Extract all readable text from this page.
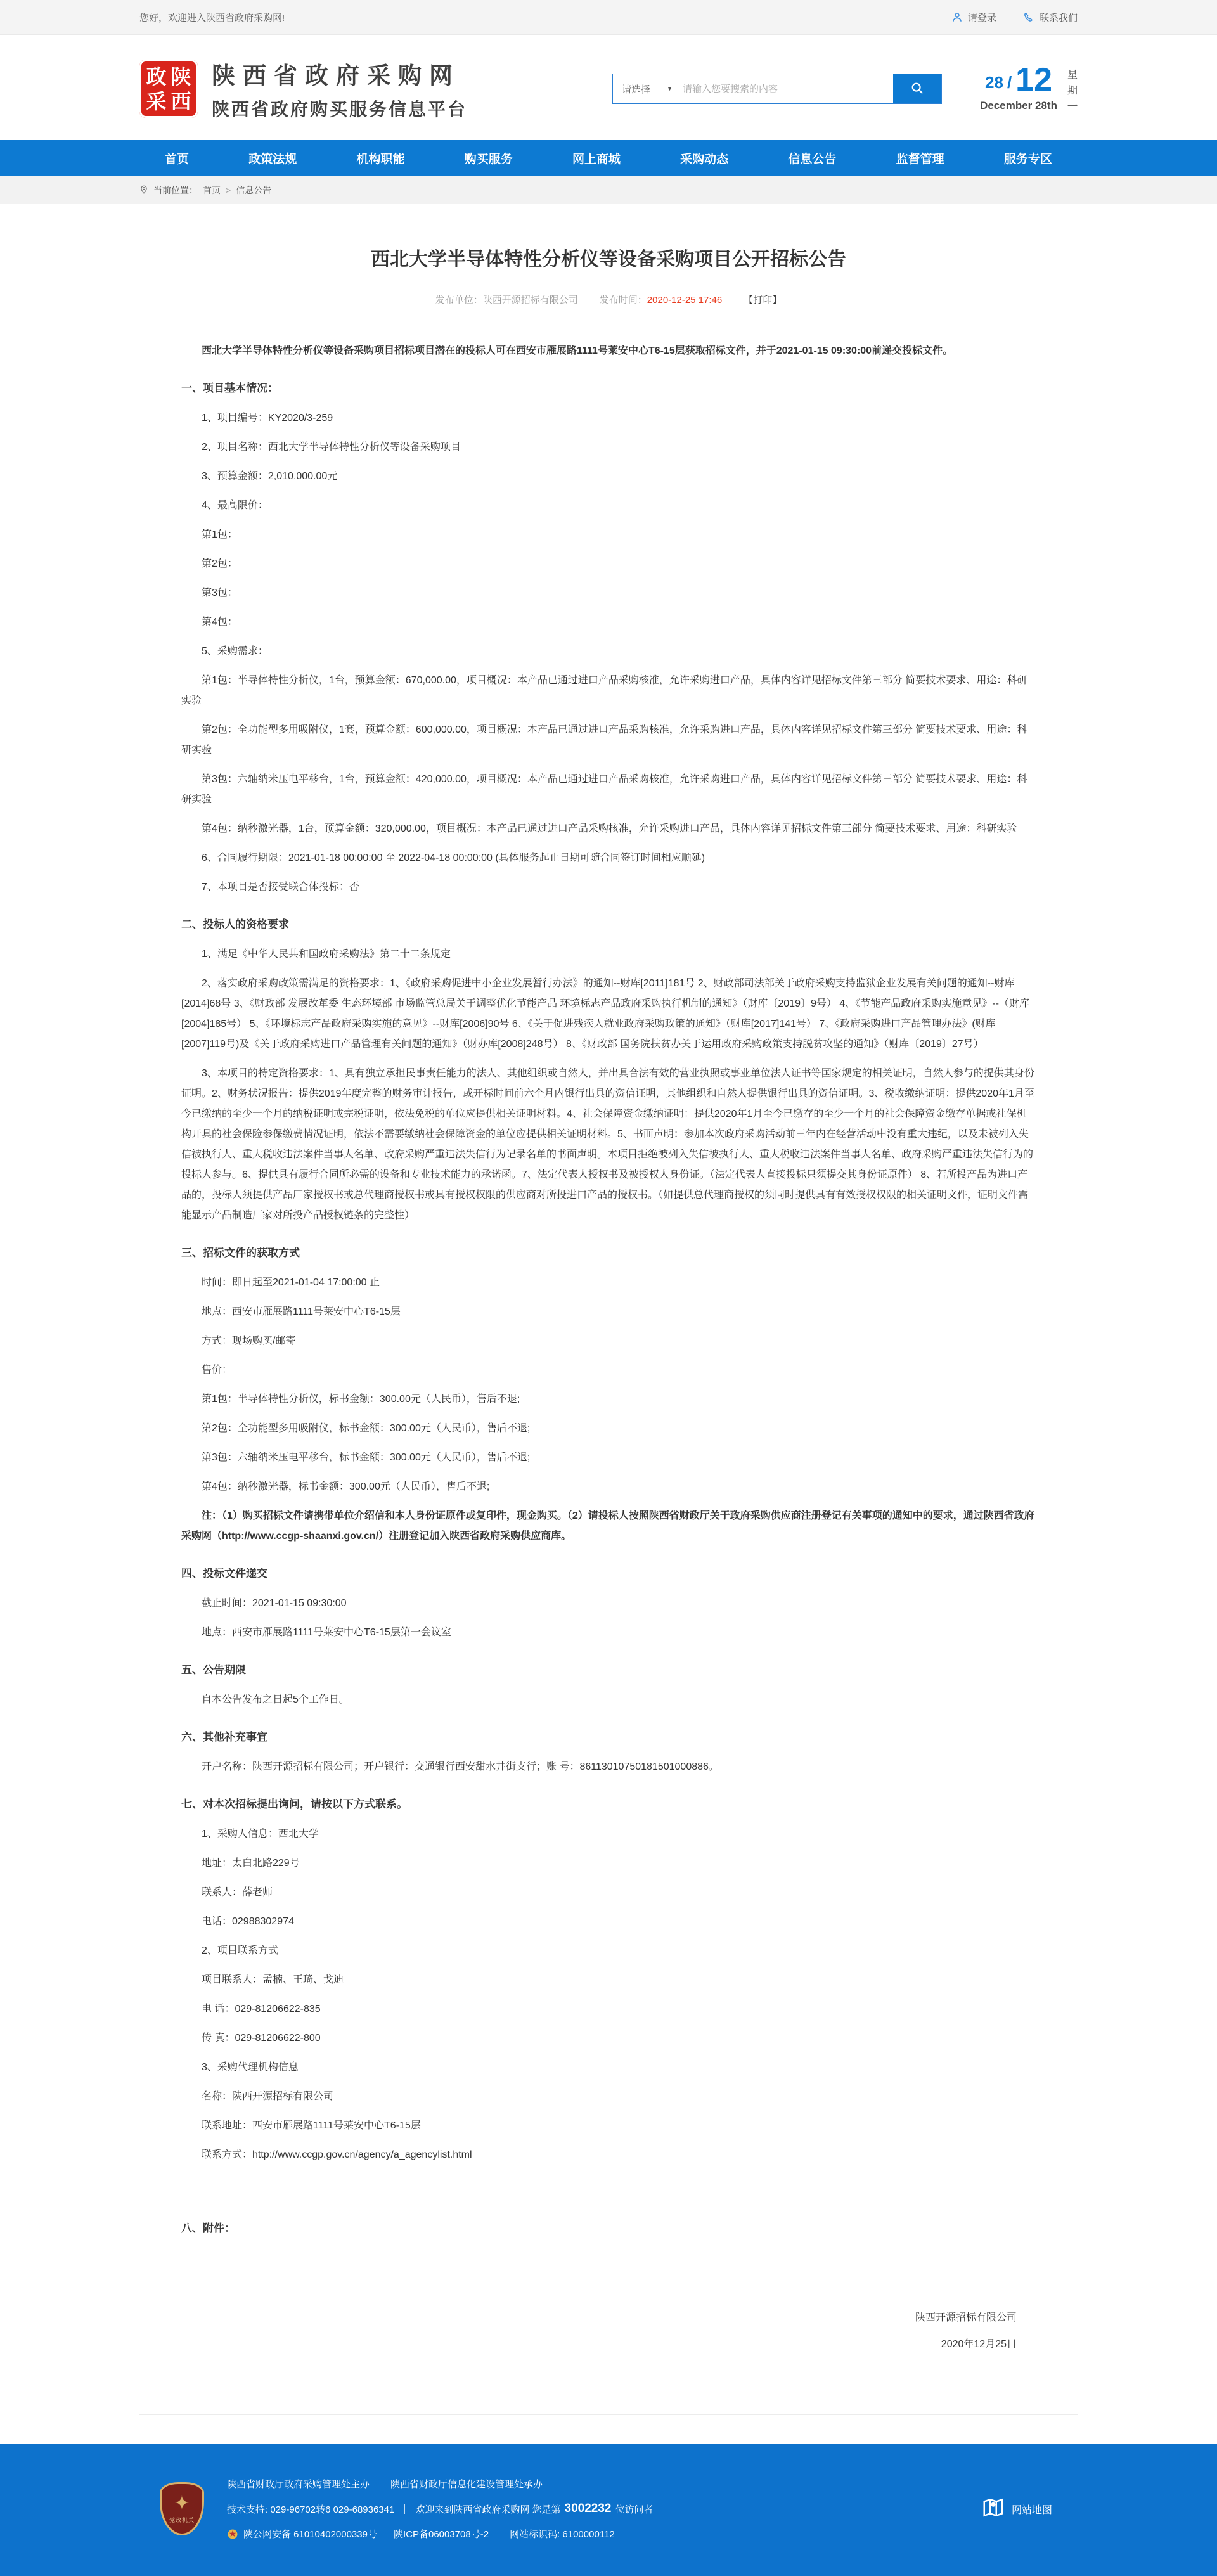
您好，欢迎进入陕西省政府采购网!	请登录	联系我们
政 陕
采 西
陕西省政府采购网
陕西省政府购买服务信息平台
请选择	▼
请输入您要搜索的内容	28 / 12
December 28th
星
期
一
首页	政策法规	机构职能	购买服务	网上商城	采购动态	信息公告	监督管理	服务专区
当前位置： 首页 > 信息公告
西北大学半导体特性分析仪等设备采购项目公开招标公告
发布单位：陕西开源招标有限公司 发布时间：2020-12-25 17:46 【打印】

西北大学半导体特性分析仪等设备采购项目招标项目潜在的投标人可在西安市雁展路1111号莱安中心T6-15层获取招标文件，并于2021-01-15 09:30:00前递交投标文件。

一、项目基本情况：

1、项目编号：KY2020/3-259

2、项目名称：西北大学半导体特性分析仪等设备采购项目

3、预算金额：2,010,000.00元

4、最高限价：

第1包：

第2包：

第3包：

第4包：

5、采购需求：

第1包：半导体特性分析仪，1台，预算金额：670,000.00，项目概况：本产品已通过进口产品采购核准，允许采购进口产品，具体内容详见招标文件第三部分 简要技术要求、用途：科研实验

第2包：全功能型多用吸附仪，1套，预算金额：600,000.00，项目概况：本产品已通过进口产品采购核准，允许采购进口产品，具体内容详见招标文件第三部分 简要技术要求、用途：科研实验

第3包：六轴纳米压电平移台，1台，预算金额：420,000.00，项目概况：本产品已通过进口产品采购核准，允许采购进口产品，具体内容详见招标文件第三部分 简要技术要求、用途：科研实验

第4包：纳秒激光器，1台，预算金额：320,000.00，项目概况：本产品已通过进口产品采购核准，允许采购进口产品，具体内容详见招标文件第三部分 简要技术要求、用途：科研实验

6、合同履行期限：2021-01-18 00:00:00 至 2022-04-18 00:00:00 (具体服务起止日期可随合同签订时间相应顺延)

7、本项目是否接受联合体投标：否

二、投标人的资格要求

1、满足《中华人民共和国政府采购法》第二十二条规定

2、落实政府采购政策需满足的资格要求：1、《政府采购促进中小企业发展暂行办法》的通知--财库[2011]181号 2、财政部司法部关于政府采购支持监狱企业发展有关问题的通知--财库[2014]68号 3、《财政部 发展改革委 生态环境部 市场监管总局关于调整优化节能产品 环境标志产品政府采购执行机制的通知》（财库〔2019〕9号） 4、《节能产品政府采购实施意见》--（财库[2004]185号） 5、《环境标志产品政府采购实施的意见》--财库[2006]90号 6、《关于促进残疾人就业政府采购政策的通知》（财库[2017]141号） 7、《政府采购进口产品管理办法》(财库[2007]119号)及《关于政府采购进口产品管理有关问题的通知》（财办库[2008]248号） 8、《财政部 国务院扶贫办关于运用政府采购政策支持脱贫攻坚的通知》（财库〔2019〕27号）

3、本项目的特定资格要求：1、具有独立承担民事责任能力的法人、其他组织或自然人，并出具合法有效的营业执照或事业单位法人证书等国家规定的相关证明，自然人参与的提供其身份证明。2、财务状况报告：提供2019年度完整的财务审计报告，或开标时间前六个月内银行出具的资信证明，其他组织和自然人提供银行出具的资信证明。3、税收缴纳证明：提供2020年1月至今已缴纳的至少一个月的纳税证明或完税证明，依法免税的单位应提供相关证明材料。4、社会保障资金缴纳证明：提供2020年1月至今已缴存的至少一个月的社会保障资金缴存单据或社保机构开具的社会保险参保缴费情况证明，依法不需要缴纳社会保障资金的单位应提供相关证明材料。5、书面声明：参加本次政府采购活动前三年内在经营活动中没有重大违纪，以及未被列入失信被执行人、重大税收违法案件当事人名单、政府采购严重违法失信行为记录名单的书面声明。本项目拒绝被列入失信被执行人、重大税收违法案件当事人名单、政府采购严重违法失信行为的投标人参与。6、提供具有履行合同所必需的设备和专业技术能力的承诺函。7、法定代表人授权书及被授权人身份证。（法定代表人直接投标只须提交其身份证原件） 8、若所投产品为进口产品的，投标人须提供产品厂家授权书或总代理商授权书或具有授权权限的供应商对所投进口产品的授权书。（如提供总代理商授权的须同时提供具有有效授权权限的相关证明文件，证明文件需能显示产品制造厂家对所投产品授权链条的完整性）

三、招标文件的获取方式

时间：即日起至2021-01-04 17:00:00 止

地点：西安市雁展路1111号莱安中心T6-15层

方式：现场购买/邮寄

售价：

第1包：半导体特性分析仪，标书金额：300.00元（人民币），售后不退;

第2包：全功能型多用吸附仪，标书金额：300.00元（人民币），售后不退;

第3包：六轴纳米压电平移台，标书金额：300.00元（人民币），售后不退;

第4包：纳秒激光器，标书金额：300.00元（人民币），售后不退;

注：（1）购买招标文件请携带单位介绍信和本人身份证原件或复印件，现金购买。（2）请投标人按照陕西省财政厅关于政府采购供应商注册登记有关事项的通知中的要求，通过陕西省政府采购网（http://www.ccgp-shaanxi.gov.cn/）注册登记加入陕西省政府采购供应商库。

四、投标文件递交

截止时间：2021-01-15 09:30:00

地点：西安市雁展路1111号莱安中心T6-15层第一会议室

五、公告期限

自本公告发布之日起5个工作日。

六、其他补充事宜

开户名称：陕西开源招标有限公司；开户银行：交通银行西安甜水井街支行；账 号：86113010750181501000886。

七、对本次招标提出询问，请按以下方式联系。

1、采购人信息：西北大学

地址：太白北路229号

联系人：薛老师

电话：02988302974

2、项目联系方式

项目联系人：孟楠、王琦、戈迪

电 话：029-81206622-835

传 真：029-81206622-800

3、采购代理机构信息

名称：陕西开源招标有限公司

联系地址：西安市雁展路1111号莱安中心T6-15层

联系方式：http://www.ccgp.gov.cn/agency/a_agencylist.html

八、附件：

陕西开源招标有限公司
2020年12月25日
✦
党政机关
陕西省财政厅政府采购管理处主办 陕西省财政厅信息化建设管理处承办
技术支持: 029-96702转6 029-68936341 欢迎来到陕西省政府采购网 您是第 3002232 位访问者
陕公网安备 61010402000339号 陕ICP备06003708号-2 网站标识码: 6100000112
网站地图
